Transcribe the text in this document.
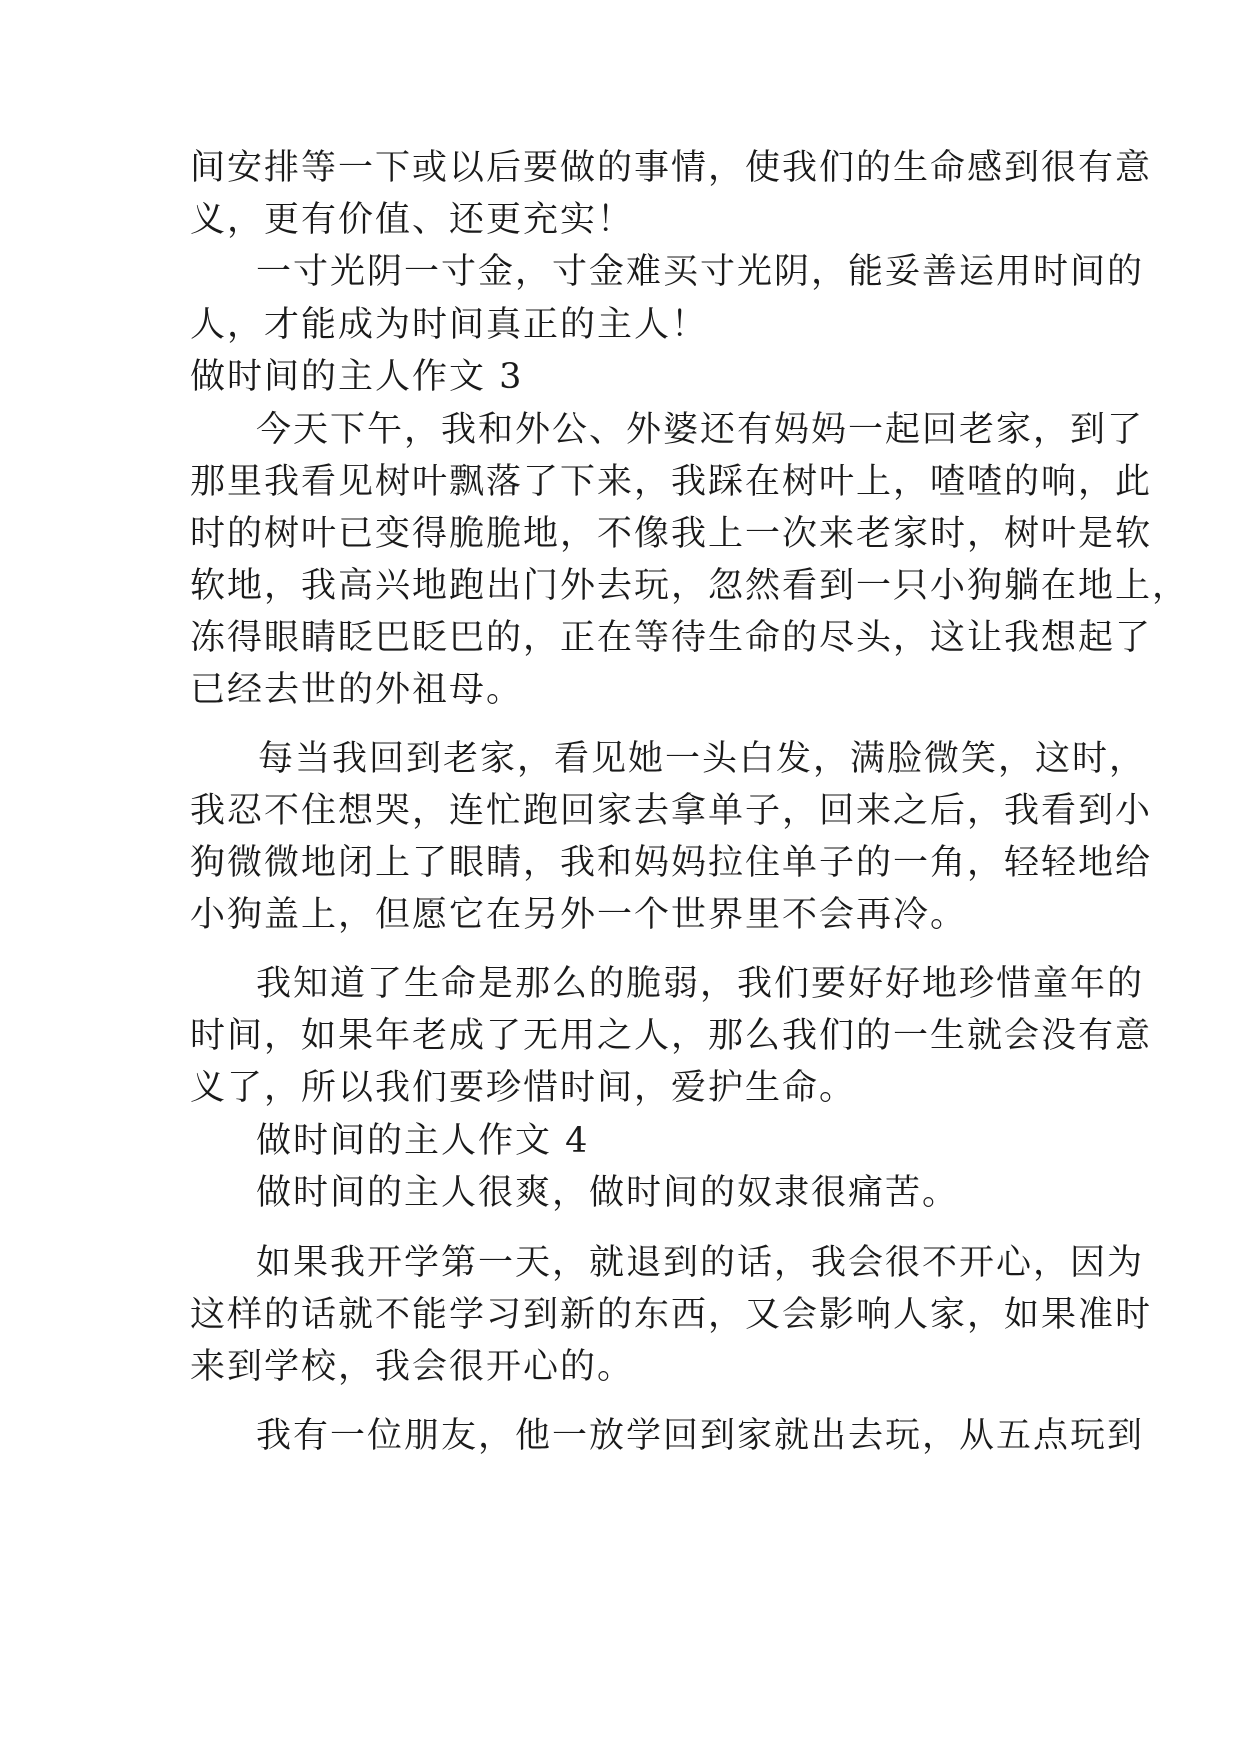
间安排等一下或以后要做的事情，使我们的生命感到很有意
义，更有价值、还更充实！
一寸光阴一寸金，寸金难买寸光阴，能妥善运用时间的
人，才能成为时间真正的主人！
做时间的主人作文 3
今天下午，我和外公、外婆还有妈妈一起回老家，到了
那里我看见树叶飘落了下来，我踩在树叶上，喳喳的响，此
时的树叶已变得脆脆地，不像我上一次来老家时，树叶是软
软地，我高兴地跑出门外去玩，忽然看到一只小狗躺在地上，
冻得眼睛眨巴眨巴的，正在等待生命的尽头，这让我想起了
已经去世的外祖母。
每当我回到老家，看见她一头白发，满脸微笑，这时，
我忍不住想哭，连忙跑回家去拿单子，回来之后，我看到小
狗微微地闭上了眼睛，我和妈妈拉住单子的一角，轻轻地给
小狗盖上，但愿它在另外一个世界里不会再冷。
我知道了生命是那么的脆弱，我们要好好地珍惜童年的
时间，如果年老成了无用之人，那么我们的一生就会没有意
义了，所以我们要珍惜时间，爱护生命。
做时间的主人作文 4
做时间的主人很爽，做时间的奴隶很痛苦。
如果我开学第一天，就退到的话，我会很不开心，因为
这样的话就不能学习到新的东西，又会影响人家，如果准时
来到学校，我会很开心的。
我有一位朋友，他一放学回到家就出去玩，从五点玩到
